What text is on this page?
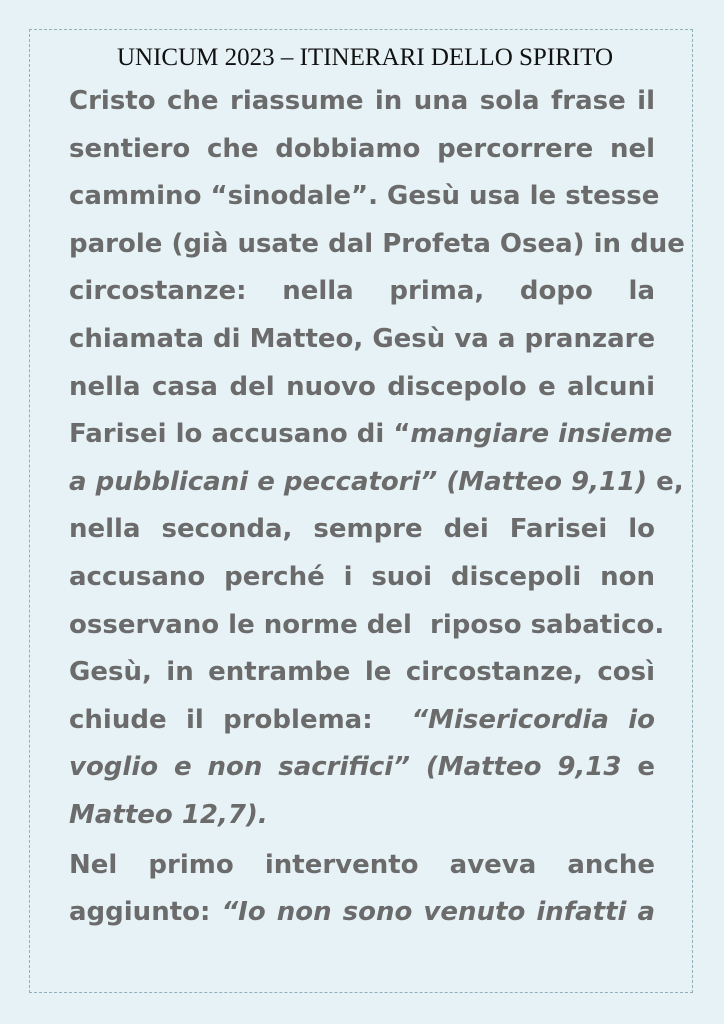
UNICUM 2023 – ITINERARI DELLO SPIRITO
Cristo che riassume in una sola frase il
sentiero che dobbiamo percorrere nel
cammino “sinodale”. Gesù usa le stesse
parole (già usate dal Profeta Osea) in due
circostanze: nella prima, dopo la
chiamata di Matteo, Gesù va a pranzare
nella casa del nuovo discepolo e alcuni
Farisei lo accusano di “mangiare insieme
a pubblicani e peccatori” (Matteo 9,11) e,
nella seconda, sempre dei Farisei lo
accusano perché i suoi discepoli non
osservano le norme del  riposo sabatico.
Gesù, in entrambe le circostanze, così
chiude il problema:  “Misericordia io
voglio e non sacrifici” (Matteo 9,13 e
Matteo 12,7).
Nel primo intervento aveva anche
aggiunto: “Io non sono venuto infatti a
